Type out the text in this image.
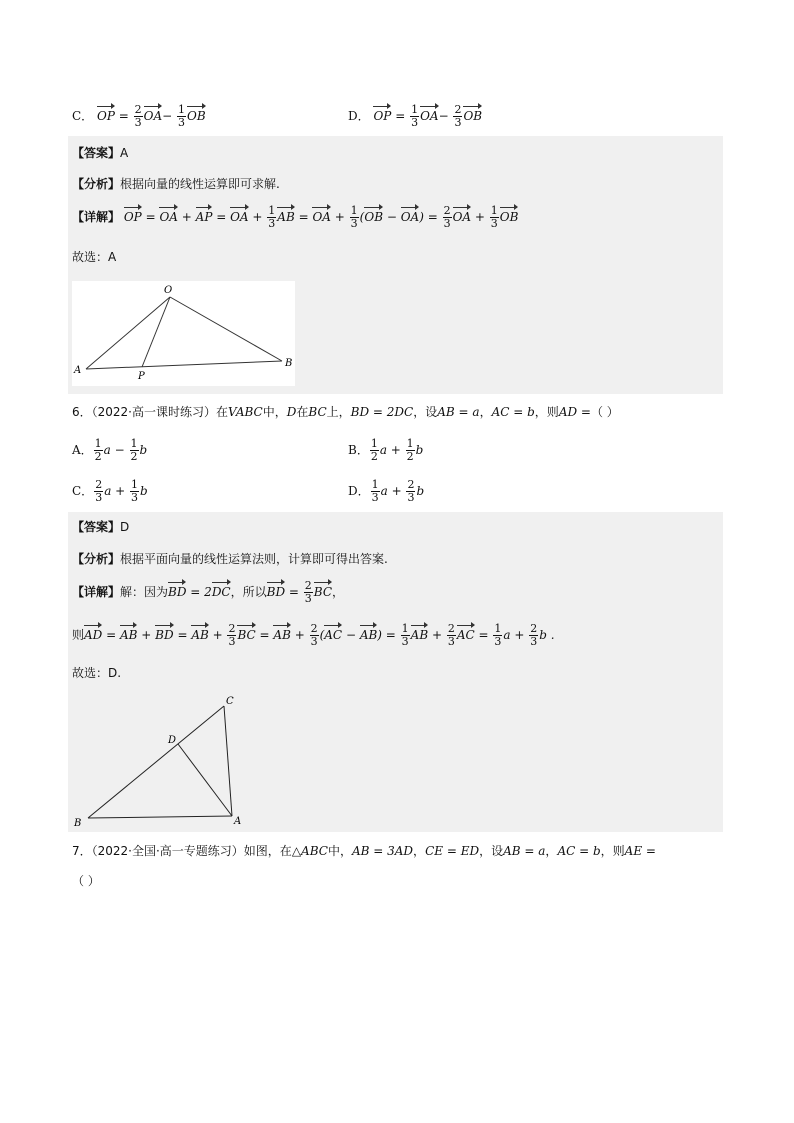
C． OP = $\frac{2}{3} OA- \frac{1}{3}$ OB	D． OP = $\frac{1}{3} OA- \frac{2}{3}$ OB
【答案】A
【分析】根据向量的线性运算即可求解.
【详解】 OP = OA + AP = OA + $\frac{1}{3}$ AB = OA + $\frac{1}{3} (OB - OA) = \frac{2}{3}$ OA + $\frac{1}{3}$ OB
故选：A
O
A
P
B
6．（2022·高一课时练习）在VABC中，D在BC上，BD = 2DC，设AB = a，AC = b，则AD =（ ）
A． $\frac{1}{2}$ $a - \frac{1}{2}$ b	B． $\frac{1}{2}$ $a + \frac{1}{2}$ b
C． $\frac{2}{3}$ $a + \frac{1}{3}$ b	D． $\frac{1}{3}$ $a + \frac{2}{3}$ b
【答案】D
【分析】根据平面向量的线性运算法则，计算即可得出答案.
【详解】解：因为BD = 2DC，所以BD = $\frac{2}{3}$ BC，
则AD = AB + BD = AB + $\frac{2}{3}$ BC = AB + $\frac{2}{3} (AC - AB) = \frac{1}{3}$ AB + $\frac{2}{3}$ AC = $\frac{1}{3}$ $a + \frac{2}{3}$ b .
故选：D.
C
D
B	A
7．（2022·全国·高一专题练习）如图，在△ABC中，AB = 3AD，CE = ED，设AB = a，AC = b，则AE =
（ ）
